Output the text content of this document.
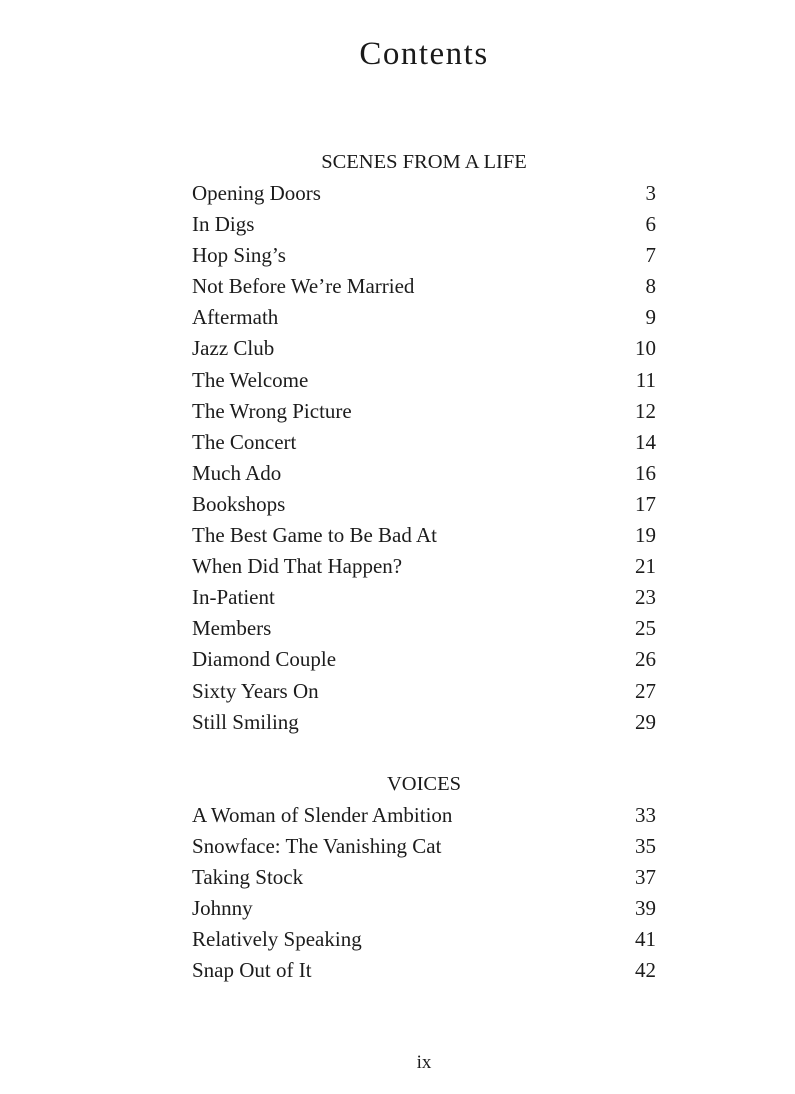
Contents
SCENES FROM A LIFE
Opening Doors	3
In Digs	6
Hop Sing’s	7
Not Before We’re Married	8
Aftermath	9
Jazz Club	10
The Welcome	11
The Wrong Picture	12
The Concert	14
Much Ado	16
Bookshops	17
The Best Game to Be Bad At	19
When Did That Happen?	21
In-Patient	23
Members	25
Diamond Couple	26
Sixty Years On	27
Still Smiling	29
VOICES
A Woman of Slender Ambition	33
Snowface: The Vanishing Cat	35
Taking Stock	37
Johnny	39
Relatively Speaking	41
Snap Out of It	42
ix
